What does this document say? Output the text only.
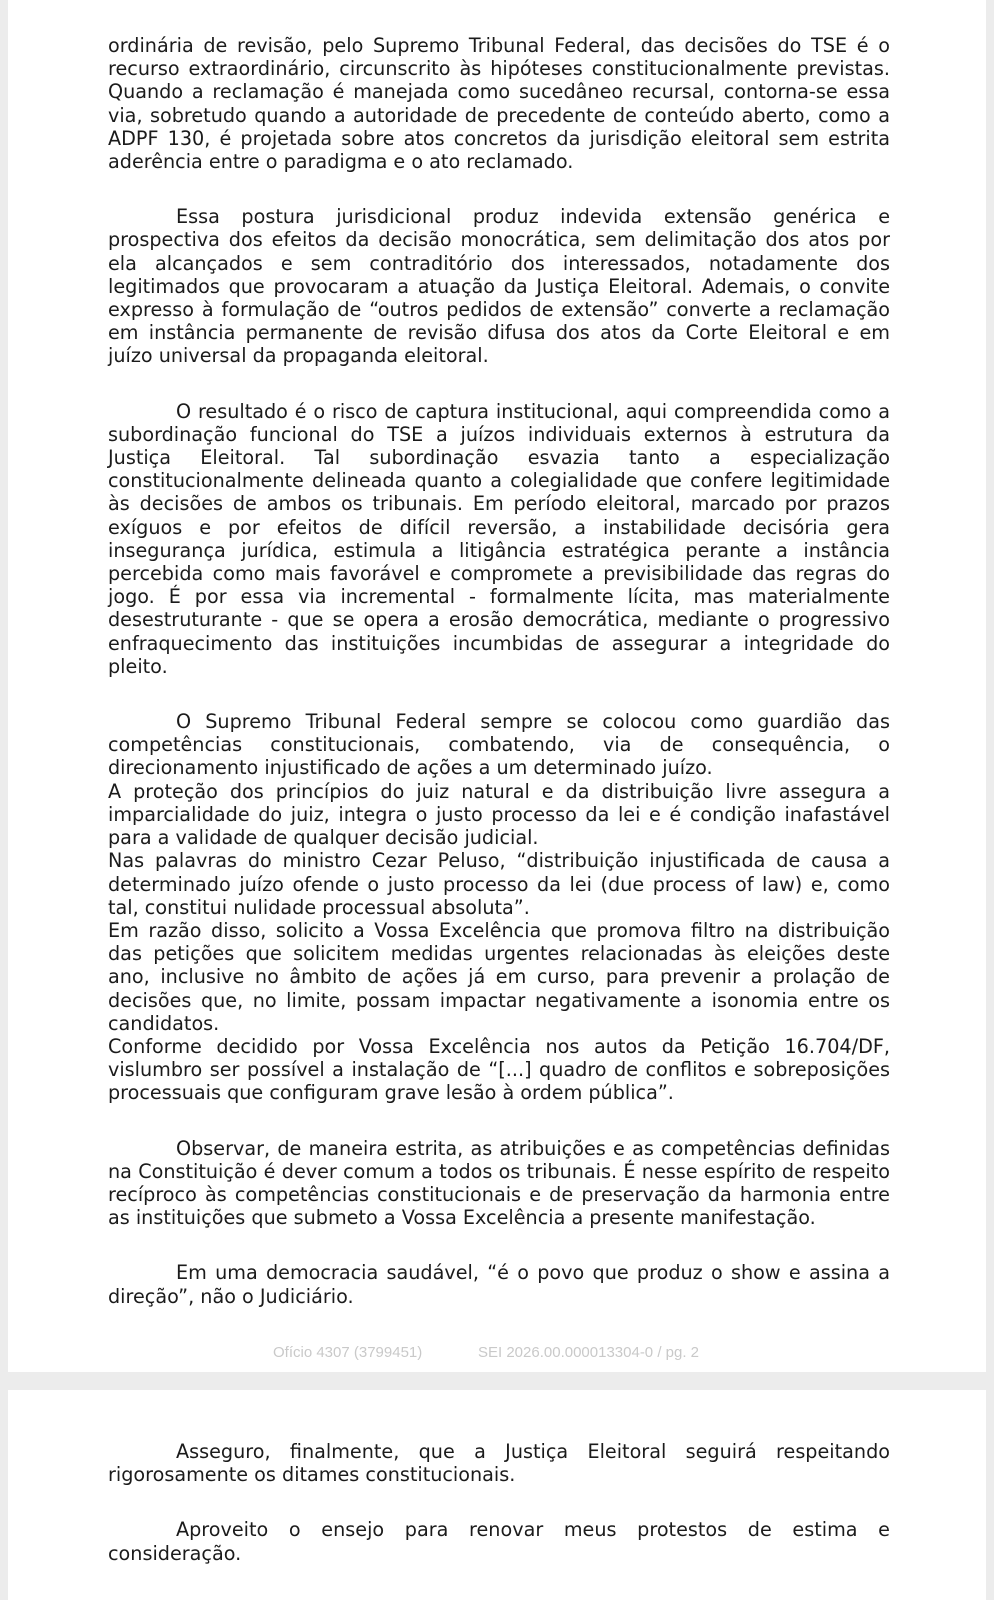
ordinária de revisão, pelo Supremo Tribunal Federal, das decisões do TSE é o recurso extraordinário, circunscrito às hipóteses constitucionalmente previstas. Quando a reclamação é manejada como sucedâneo recursal, contorna-se essa via, sobretudo quando a autoridade de precedente de conteúdo aberto, como a ADPF 130, é projetada sobre atos concretos da jurisdição eleitoral sem estrita aderência entre o paradigma e o ato reclamado.

Essa postura jurisdicional produz indevida extensão genérica e prospectiva dos efeitos da decisão monocrática, sem delimitação dos atos por ela alcançados e sem contraditório dos interessados, notadamente dos legitimados que provocaram a atuação da Justiça Eleitoral. Ademais, o convite expresso à formulação de “outros pedidos de extensão” converte a reclamação em instância permanente de revisão difusa dos atos da Corte Eleitoral e em juízo universal da propaganda eleitoral.

O resultado é o risco de captura institucional, aqui compreendida como a subordinação funcional do TSE a juízos individuais externos à estrutura da Justiça Eleitoral. Tal subordinação esvazia tanto a especialização constitucionalmente delineada quanto a colegialidade que confere legitimidade às decisões de ambos os tribunais. Em período eleitoral, marcado por prazos exíguos e por efeitos de difícil reversão, a instabilidade decisória gera insegurança jurídica, estimula a litigância estratégica perante a instância percebida como mais favorável e compromete a previsibilidade das regras do jogo. É por essa via incremental - formalmente lícita, mas materialmente desestruturante - que se opera a erosão democrática, mediante o progressivo enfraquecimento das instituições incumbidas de assegurar a integridade do pleito.

O Supremo Tribunal Federal sempre se colocou como guardião das competências constitucionais, combatendo, via de consequência, o direcionamento injustificado de ações a um determinado juízo.

A proteção dos princípios do juiz natural e da distribuição livre assegura a imparcialidade do juiz, integra o justo processo da lei e é condição inafastável para a validade de qualquer decisão judicial.

Nas palavras do ministro Cezar Peluso, “distribuição injustificada de causa a determinado juízo ofende o justo processo da lei (due process of law) e, como tal, constitui nulidade processual absoluta”.

Em razão disso, solicito a Vossa Excelência que promova filtro na distribuição das petições que solicitem medidas urgentes relacionadas às eleições deste ano, inclusive no âmbito de ações já em curso, para prevenir a prolação de decisões que, no limite, possam impactar negativamente a isonomia entre os candidatos.

Conforme decidido por Vossa Excelência nos autos da Petição 16.704/DF, vislumbro ser possível a instalação de “[...] quadro de conflitos e sobreposições processuais que configuram grave lesão à ordem pública”.

Observar, de maneira estrita, as atribuições e as competências definidas na Constituição é dever comum a todos os tribunais. É nesse espírito de respeito recíproco às competências constitucionais e de preservação da harmonia entre as instituições que submeto a Vossa Excelência a presente manifestação.

Em uma democracia saudável, “é o povo que produz o show e assina a direção”, não o Judiciário.

Ofício 4307 (3799451)	SEI 2026.00.000013304-0 / pg. 2

Asseguro, finalmente, que a Justiça Eleitoral seguirá respeitando rigorosamente os ditames constitucionais.

Aproveito o ensejo para renovar meus protestos de estima e consideração.
